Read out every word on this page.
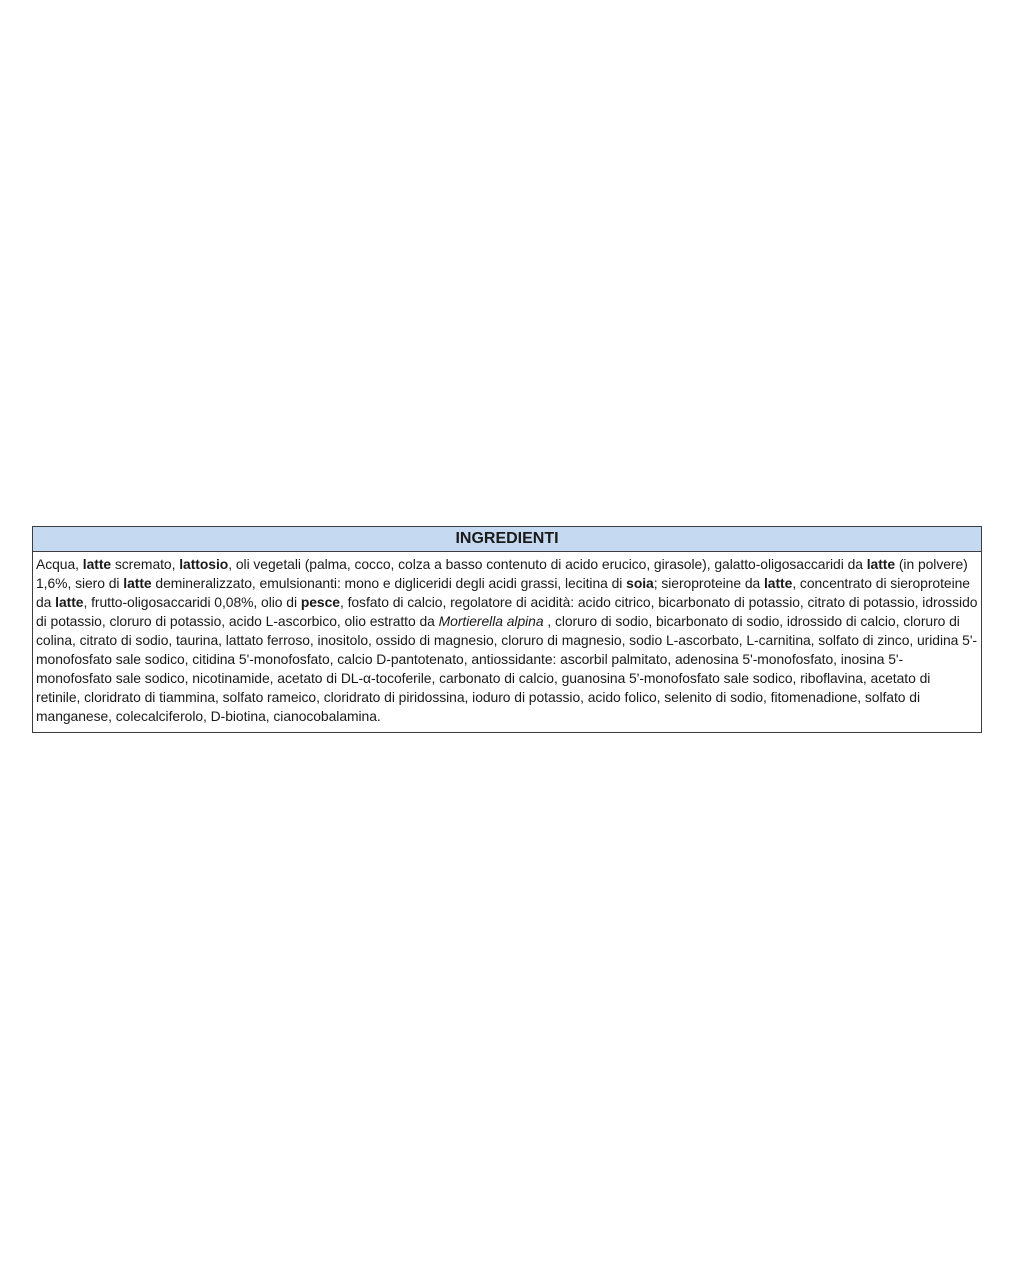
INGREDIENTI
Acqua, latte scremato, lattosio, oli vegetali (palma, cocco, colza a basso contenuto di acido erucico, girasole), galatto-oligosaccaridi da latte (in polvere) 1,6%, siero di latte demineralizzato, emulsionanti: mono e digliceridi degli acidi grassi, lecitina di soia; sieroproteine da latte, concentrato di sieroproteine da latte, frutto-oligosaccaridi 0,08%, olio di pesce, fosfato di calcio, regolatore di acidità: acido citrico, bicarbonato di potassio, citrato di potassio, idrossido di potassio, cloruro di potassio, acido L-ascorbico, olio estratto da Mortierella alpina , cloruro di sodio, bicarbonato di sodio, idrossido di calcio, cloruro di colina, citrato di sodio, taurina, lattato ferroso, inositolo, ossido di magnesio, cloruro di magnesio, sodio L-ascorbato, L-carnitina, solfato di zinco, uridina 5'-monofosfato sale sodico, citidina 5'-monofosfato, calcio D-pantotenato, antiossidante: ascorbil palmitato, adenosina 5'-monofosfato, inosina 5'-monofosfato sale sodico, nicotinamide, acetato di DL-α-tocoferile, carbonato di calcio, guanosina 5'-monofosfato sale sodico, riboflavina, acetato di retinile, cloridrato di tiammina, solfato rameico, cloridrato di piridossina, ioduro di potassio, acido folico, selenito di sodio, fitomenadione, solfato di manganese, colecalciferolo, D-biotina, cianocobalamina.
